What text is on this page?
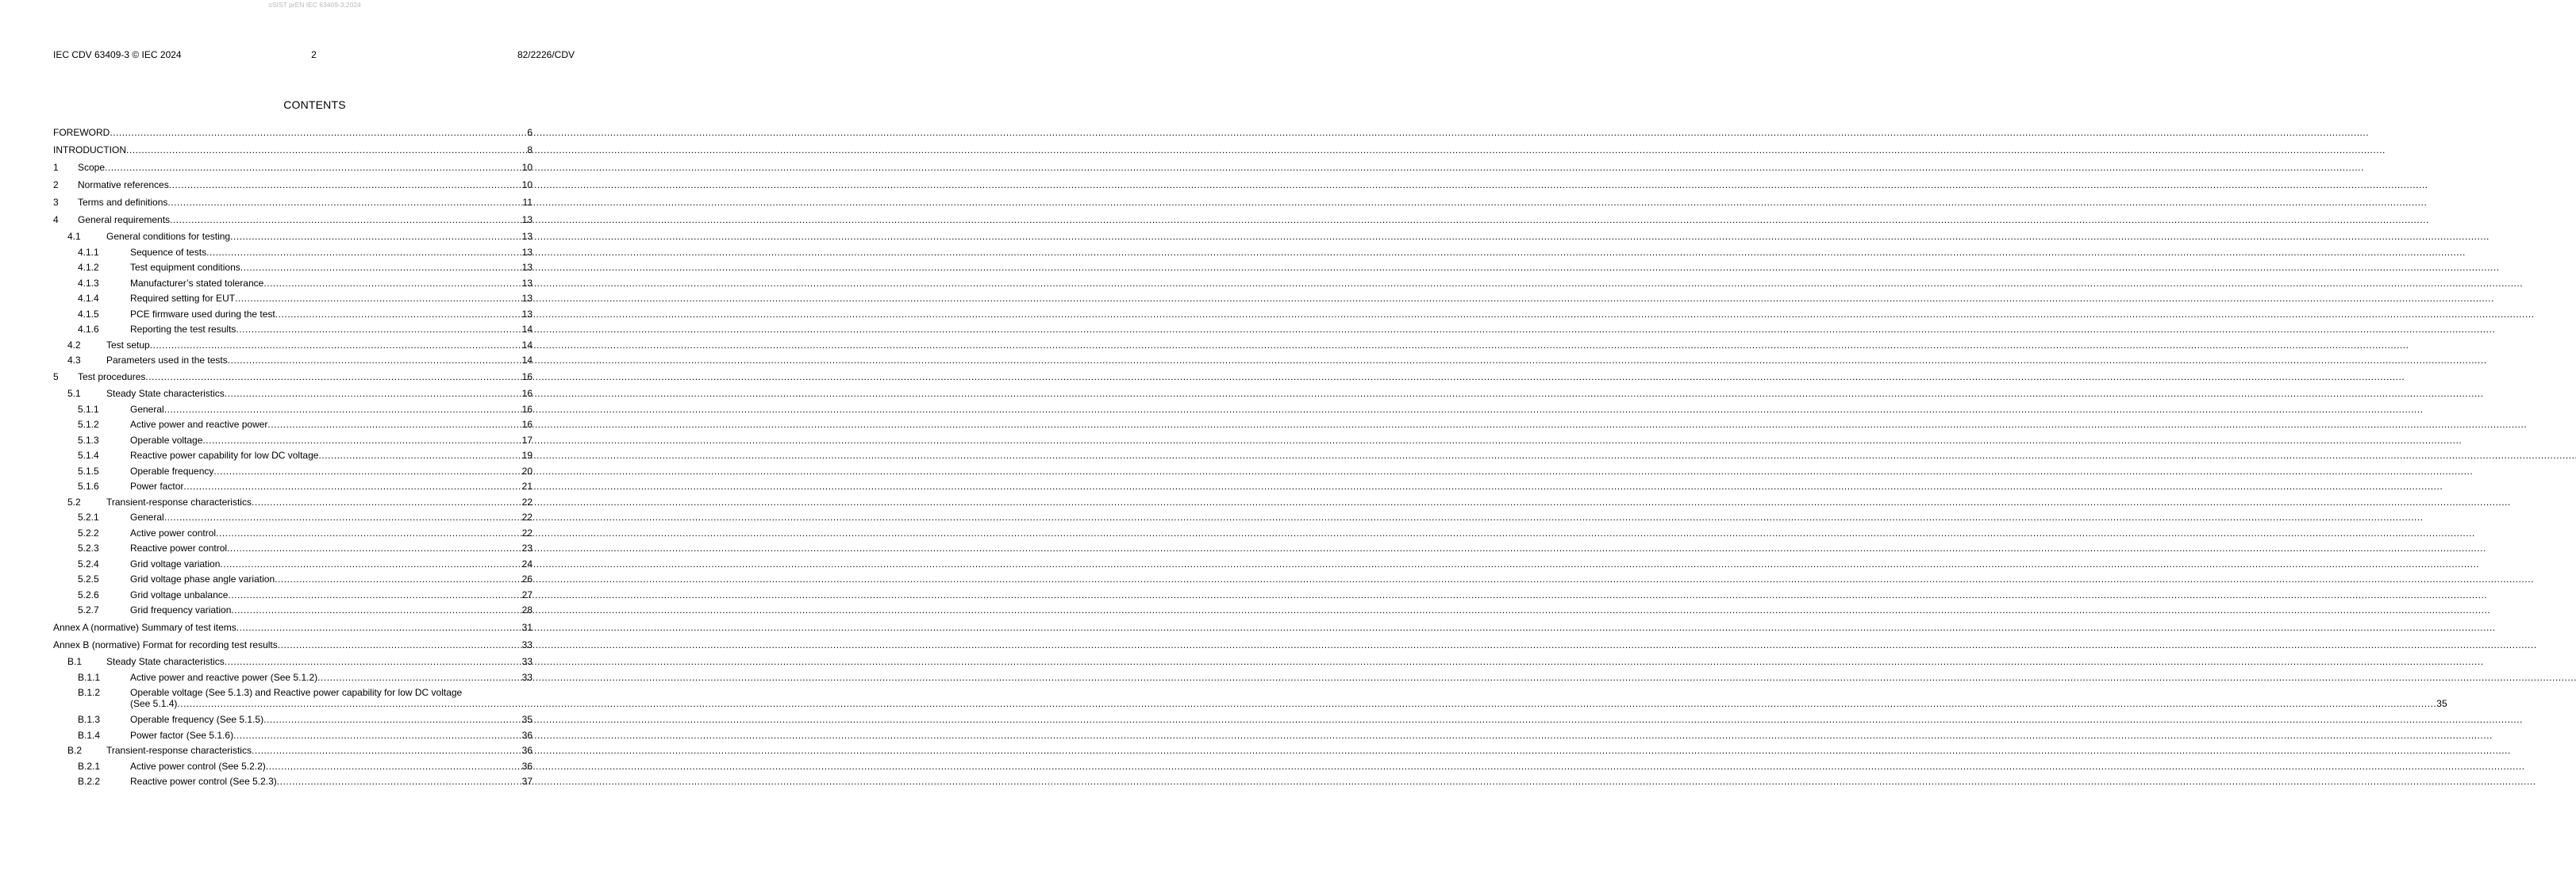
oSIST prEN IEC 63409-3:2024
IEC CDV 63409-3 © IEC 2024	2	82/2226/CDV
CONTENTS
FOREWORD . . .	6
INTRODUCTION . . .	8
1	Scope . . .	10
2	Normative references . . .	10
3	Terms and definitions . . .	11
4	General requirements . . .	13
4.1	General conditions for testing . . .	13
4.1.1	Sequence of tests . . .	13
4.1.2	Test equipment conditions . . .	13
4.1.3	Manufacturer’s stated tolerance . . .	13
4.1.4	Required setting for EUT . . .	13
4.1.5	PCE firmware used during the test . . .	13
4.1.6	Reporting the test results . . .	14
4.2	Test setup . . .	14
4.3	Parameters used in the tests . . .	14
5	Test procedures . . .	16
5.1	Steady State characteristics . . .	16
5.1.1	General . . .	16
5.1.2	Active power and reactive power . . .	16
5.1.3	Operable voltage . . .	17
5.1.4	Reactive power capability for low DC voltage . . .	19
5.1.5	Operable frequency . . .	20
5.1.6	Power factor . . .	21
5.2	Transient-response characteristics . . .	22
5.2.1	General . . .	22
5.2.2	Active power control . . .	22
5.2.3	Reactive power control . . .	23
5.2.4	Grid voltage variation . . .	24
5.2.5	Grid voltage phase angle variation . . .	26
5.2.6	Grid voltage unbalance . . .	27
5.2.7	Grid frequency variation . . .	28
Annex A (normative) Summary of test items . . .	31
Annex B (normative) Format for recording test results . . .	33
B.1	Steady State characteristics . . .	33
B.1.1	Active power and reactive power (See 5.1.2) . . .	33
B.1.2	Operable voltage (See 5.1.3) and Reactive power capability for low DC voltage
(See 5.1.4) . . .	35
B.1.3	Operable frequency (See 5.1.5) . . .	35
B.1.4	Power factor (See 5.1.6) . . .	36
B.2	Transient-response characteristics . . .	36
B.2.1	Active power control (See 5.2.2) . . .	36
B.2.2	Reactive power control (See 5.2.3) . . .	37
